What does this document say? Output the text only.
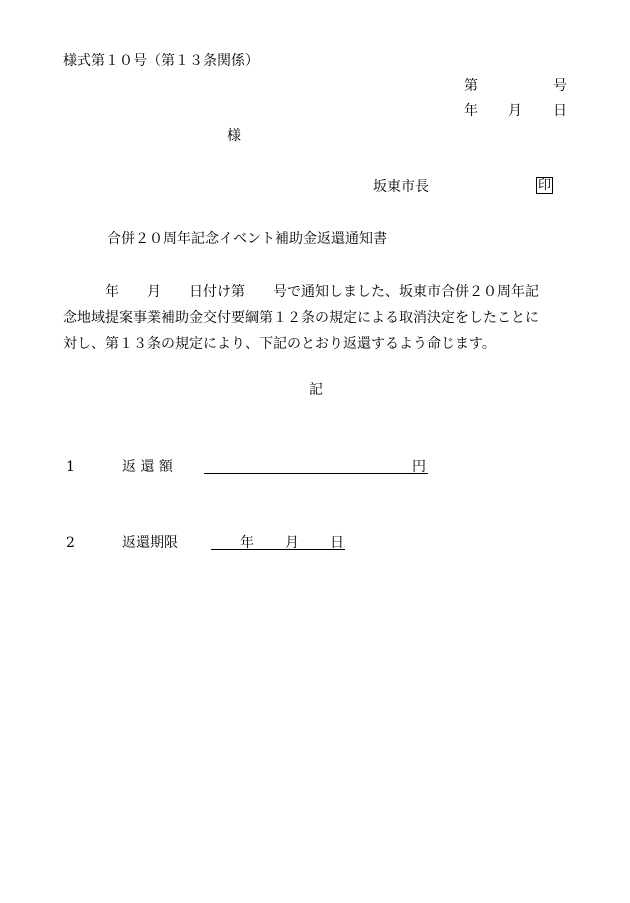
様式第１０号（第１３条関係）
第	号
年 月 日
様
坂東市長	印
合併２０周年記念イベント補助金返還通知書
　　　年　　月　　日付け第　　号で通知しました、坂東市合併２０周年記
念地域提案事業補助金交付要綱第１２条の規定による取消決定をしたことに
対し、第１３条の規定により、下記のとおり返還するよう命じます。
記
1	返 還 額	円
2	返還期限	年 月 日
